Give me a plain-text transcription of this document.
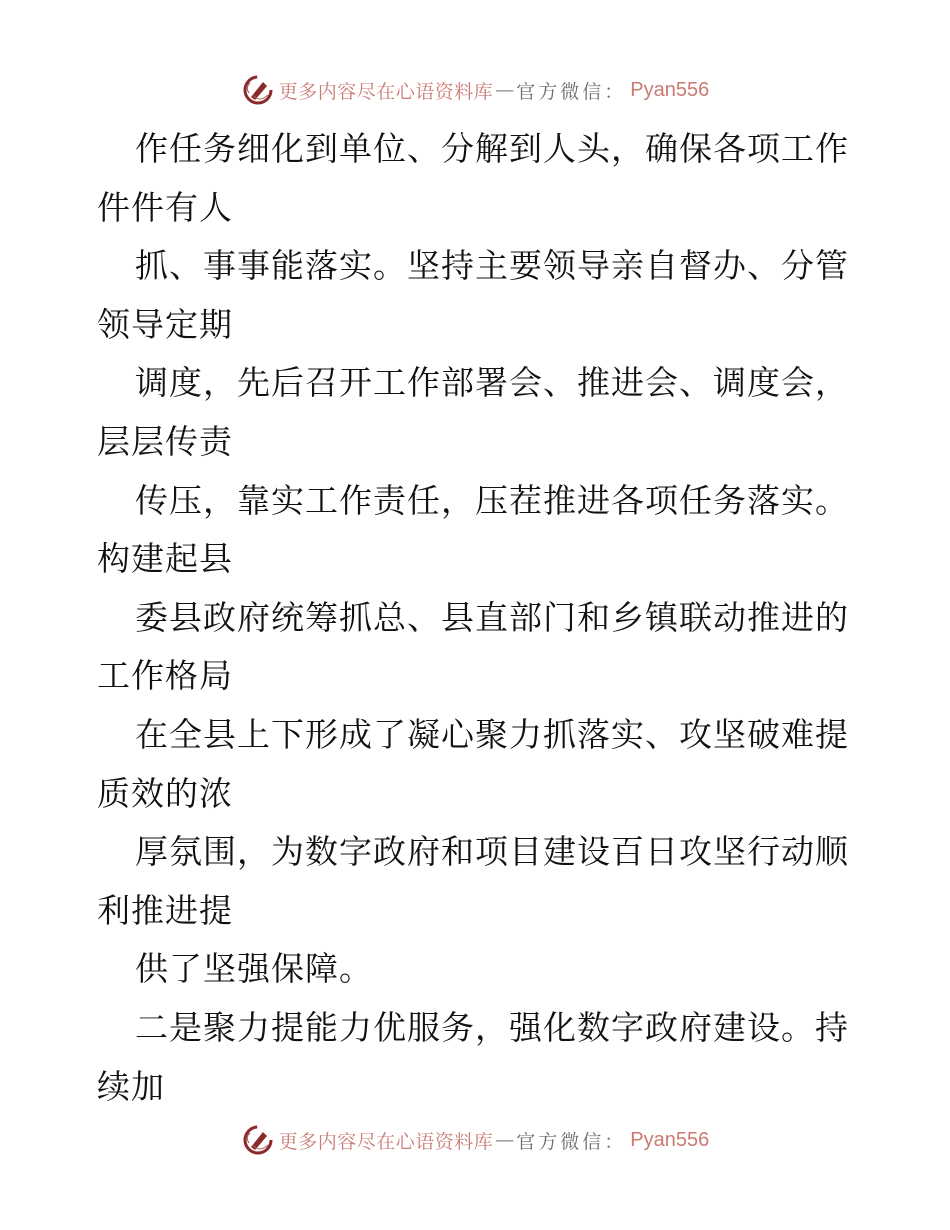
更多内容尽在心语资料库 — 官方微信： Pyan556
作任务细化到单位、分解到人头，确保各项工作
件件有人
抓、事事能落实。坚持主要领导亲自督办、分管
领导定期
调度，先后召开工作部署会、推进会、调度会，
层层传责
传压，靠实工作责任，压茬推进各项任务落实。
构建起县
委县政府统筹抓总、县直部门和乡镇联动推进的
工作格局
在全县上下形成了凝心聚力抓落实、攻坚破难提
质效的浓
厚氛围，为数字政府和项目建设百日攻坚行动顺
利推进提
供了坚强保障。
二是聚力提能力优服务，强化数字政府建设。持
续加
更多内容尽在心语资料库 — 官方微信： Pyan556
